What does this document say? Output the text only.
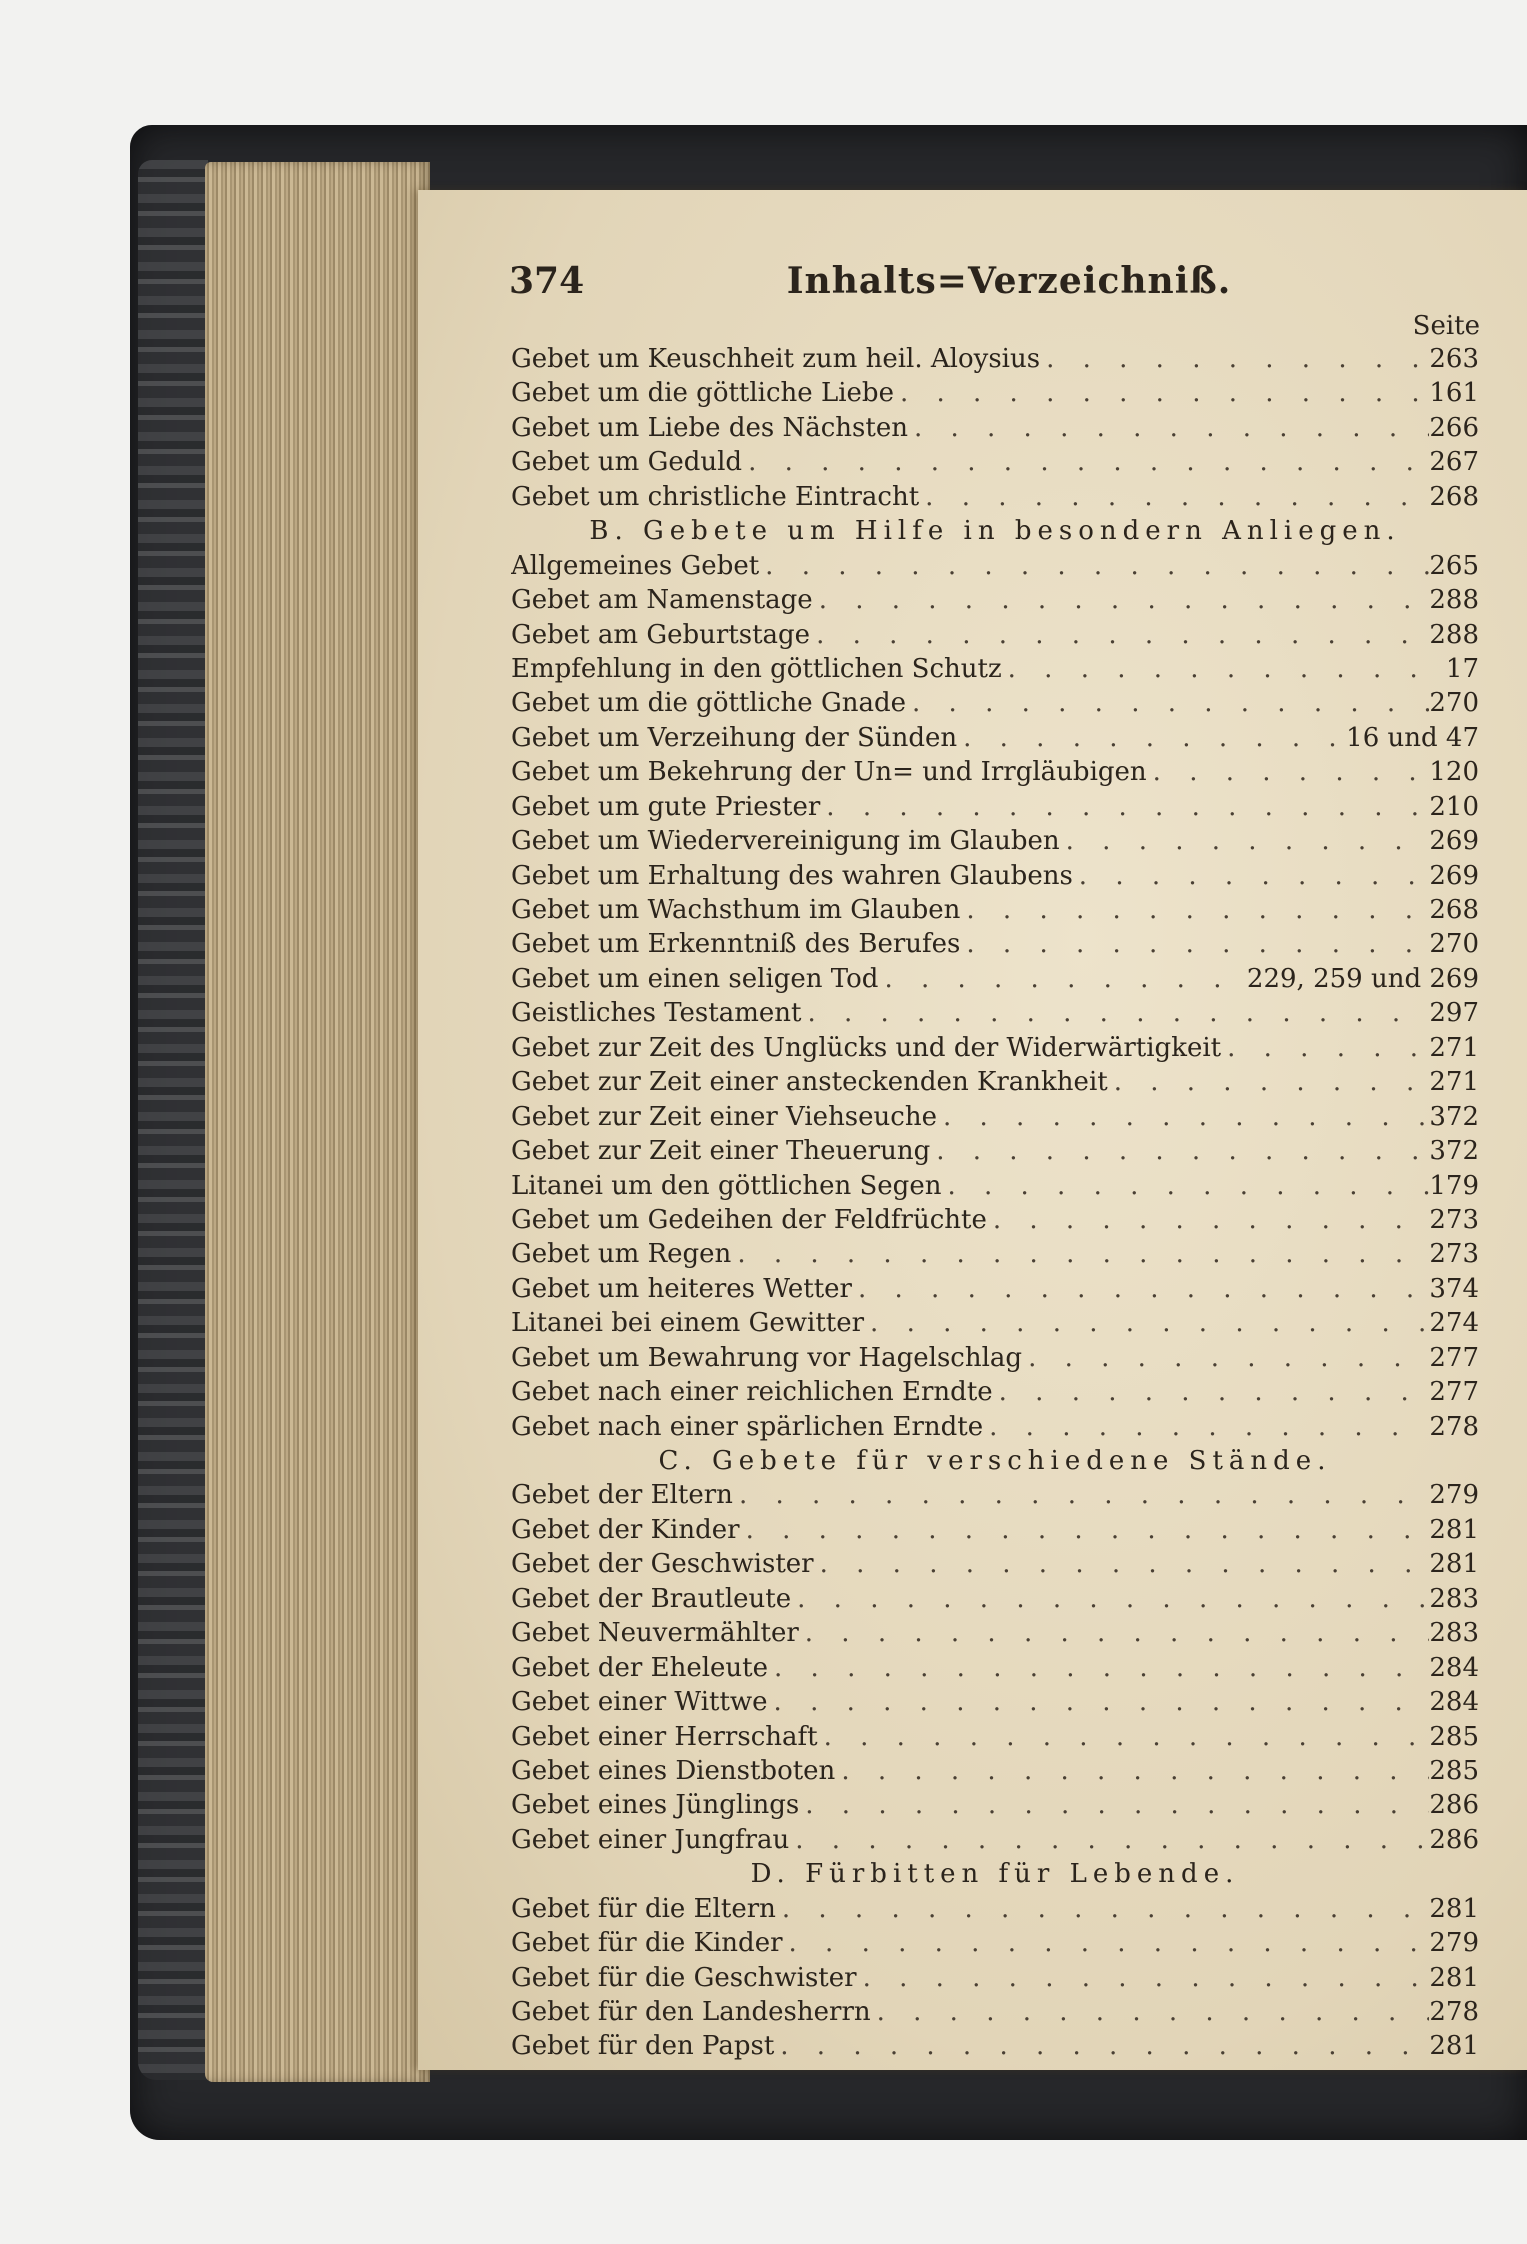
374	Inhalts=Verzeichniß.
Seite
Gebet um Keuschheit zum heil. Aloysius . . .	263
Gebet um die göttliche Liebe . . .	161
Gebet um Liebe des Nächsten . . .	266
Gebet um Geduld . . .	267
Gebet um christliche Eintracht . . .	268
B. Gebete um Hilfe in besondern Anliegen.
Allgemeines Gebet . . .	265
Gebet am Namenstage . . .	288
Gebet am Geburtstage . . .	288
Empfehlung in den göttlichen Schutz . . .	17
Gebet um die göttliche Gnade . . .	270
Gebet um Verzeihung der Sünden . . .	16 und 47
Gebet um Bekehrung der Un= und Irrgläubigen . . .	120
Gebet um gute Priester . . .	210
Gebet um Wiedervereinigung im Glauben . . .	269
Gebet um Erhaltung des wahren Glaubens . . .	269
Gebet um Wachsthum im Glauben . . .	268
Gebet um Erkenntniß des Berufes . . .	270
Gebet um einen seligen Tod . . .	229, 259 und 269
Geistliches Testament . . .	297
Gebet zur Zeit des Unglücks und der Widerwärtigkeit . . .	271
Gebet zur Zeit einer ansteckenden Krankheit . . .	271
Gebet zur Zeit einer Viehseuche . . .	372
Gebet zur Zeit einer Theuerung . . .	372
Litanei um den göttlichen Segen . . .	179
Gebet um Gedeihen der Feldfrüchte . . .	273
Gebet um Regen . . .	273
Gebet um heiteres Wetter . . .	374
Litanei bei einem Gewitter . . .	274
Gebet um Bewahrung vor Hagelschlag . . .	277
Gebet nach einer reichlichen Erndte . . .	277
Gebet nach einer spärlichen Erndte . . .	278
C. Gebete für verschiedene Stände.
Gebet der Eltern . . .	279
Gebet der Kinder . . .	281
Gebet der Geschwister . . .	281
Gebet der Brautleute . . .	283
Gebet Neuvermählter . . .	283
Gebet der Eheleute . . .	284
Gebet einer Wittwe . . .	284
Gebet einer Herrschaft . . .	285
Gebet eines Dienstboten . . .	285
Gebet eines Jünglings . . .	286
Gebet einer Jungfrau . . .	286
D. Fürbitten für Lebende.
Gebet für die Eltern . . .	281
Gebet für die Kinder . . .	279
Gebet für die Geschwister . . .	281
Gebet für den Landesherrn . . .	278
Gebet für den Papst . . .	281
